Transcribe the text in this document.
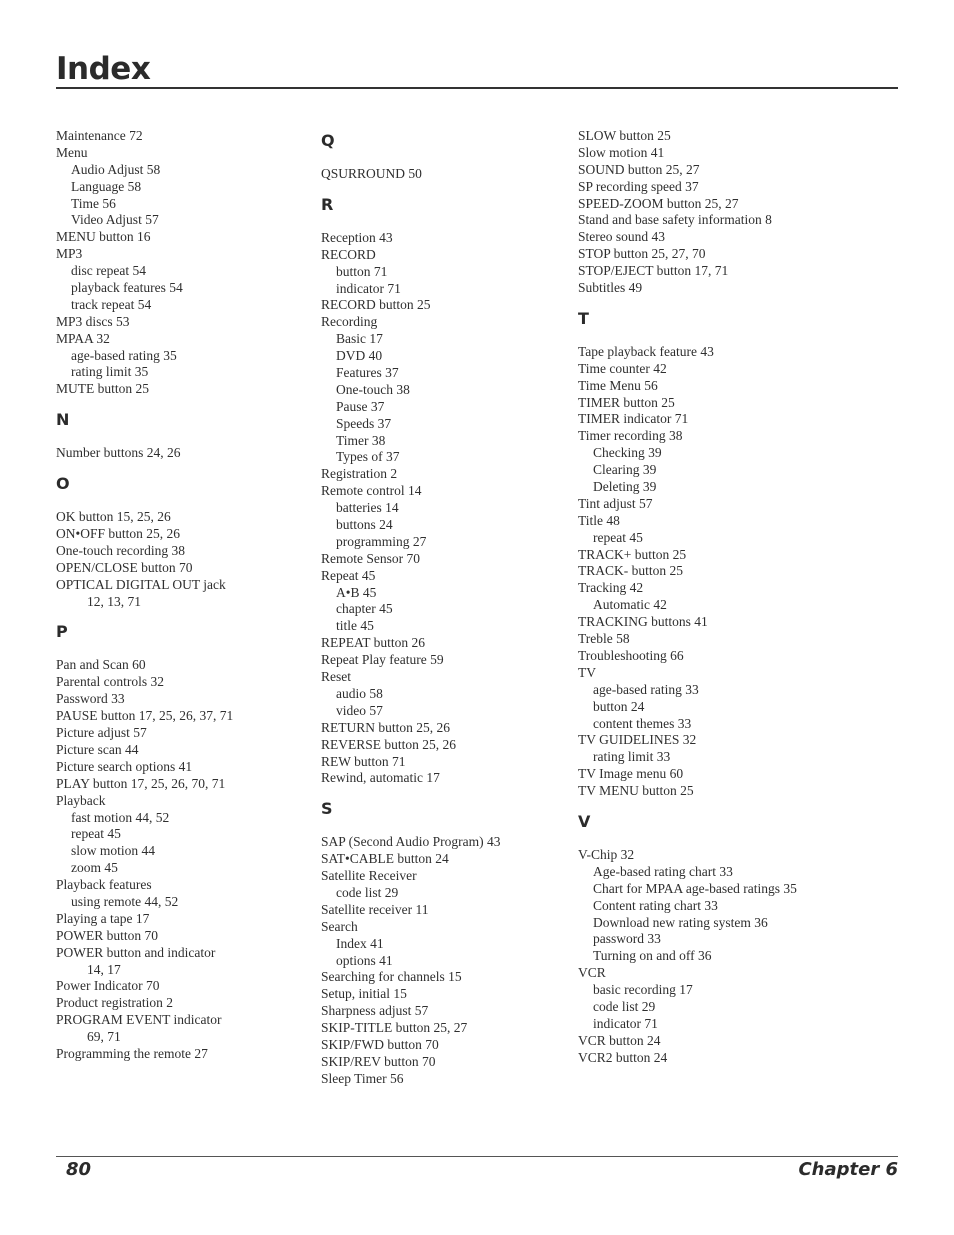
Index
Maintenance 72
Menu
Audio Adjust 58
Language 58
Time 56
Video Adjust 57
MENU button 16
MP3
disc repeat 54
playback features 54
track repeat 54
MP3 discs 53
MPAA 32
age-based rating 35
rating limit 35
MUTE button 25
N
Number buttons 24, 26
O
OK button 15, 25, 26
ON•OFF button 25, 26
One-touch recording 38
OPEN/CLOSE button 70
OPTICAL DIGITAL OUT jack
12, 13, 71
P
Pan and Scan 60
Parental controls 32
Password 33
PAUSE button 17, 25, 26, 37, 71
Picture adjust 57
Picture scan 44
Picture search options 41
PLAY button 17, 25, 26, 70, 71
Playback
fast motion 44, 52
repeat 45
slow motion 44
zoom 45
Playback features
using remote 44, 52
Playing a tape 17
POWER button 70
POWER button and indicator
14, 17
Power Indicator 70
Product registration 2
PROGRAM EVENT indicator
69, 71
Programming the remote 27
Q
QSURROUND 50
R
Reception 43
RECORD
button 71
indicator 71
RECORD button 25
Recording
Basic 17
DVD 40
Features 37
One-touch 38
Pause 37
Speeds 37
Timer 38
Types of 37
Registration 2
Remote control 14
batteries 14
buttons 24
programming 27
Remote Sensor 70
Repeat 45
A•B 45
chapter 45
title 45
REPEAT button 26
Repeat Play feature 59
Reset
audio 58
video 57
RETURN button 25, 26
REVERSE button 25, 26
REW button 71
Rewind, automatic 17
S
SAP (Second Audio Program) 43
SAT•CABLE button 24
Satellite Receiver
code list 29
Satellite receiver 11
Search
Index 41
options 41
Searching for channels 15
Setup, initial 15
Sharpness adjust 57
SKIP-TITLE button 25, 27
SKIP/FWD button 70
SKIP/REV button 70
Sleep Timer 56
SLOW button 25
Slow motion 41
SOUND button 25, 27
SP recording speed 37
SPEED-ZOOM button 25, 27
Stand and base safety information 8
Stereo sound 43
STOP button 25, 27, 70
STOP/EJECT button 17, 71
Subtitles 49
T
Tape playback feature 43
Time counter 42
Time Menu 56
TIMER button 25
TIMER indicator 71
Timer recording 38
Checking 39
Clearing 39
Deleting 39
Tint adjust 57
Title 48
repeat 45
TRACK+ button 25
TRACK- button 25
Tracking 42
Automatic 42
TRACKING buttons 41
Treble 58
Troubleshooting 66
TV
age-based rating 33
button 24
content themes 33
TV GUIDELINES 32
rating limit 33
TV Image menu 60
TV MENU button 25
V
V-Chip 32
Age-based rating chart 33
Chart for MPAA age-based ratings 35
Content rating chart 33
Download new rating system 36
password 33
Turning on and off 36
VCR
basic recording 17
code list 29
indicator 71
VCR button 24
VCR2 button 24
80	Chapter 6
